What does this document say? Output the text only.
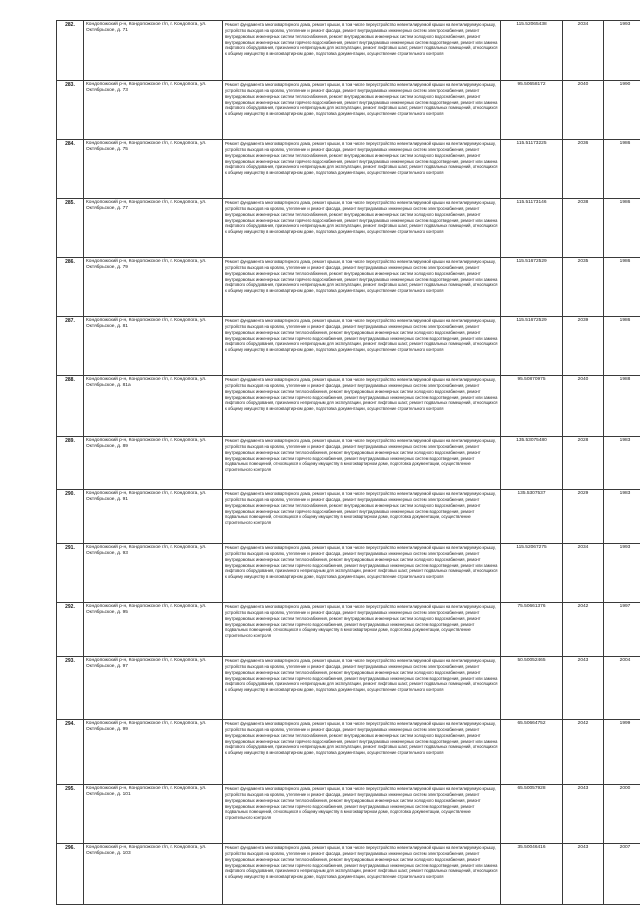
282.	Кондопожский р-н, Кондопожское г/п, г. Кондопога, ул. Октябрьское, д. 71	Ремонт фундамента многоквартирного дома, ремонт крыши, в том числе переустройство невентилируемой крыши на вентилируемую крышу, устройство выходов на кровлю, утепление и ремонт фасада, ремонт внутридомовых инженерных систем электроснабжения, ремонт внутридомовых инженерных систем теплоснабжения, ремонт внутридомовых инженерных систем холодного водоснабжения, ремонт внутридомовых инженерных систем горячего водоснабжения, ремонт внутридомовых инженерных систем водоотведения, ремонт или замена лифтового оборудования, признанного непригодным для эксплуатации, ремонт лифтовых шахт, ремонт подвальных помещений, относящихся к общему имуществу в многоквартирном доме, подготовка документации, осуществление строительного контроля	115.52065438	2034	1993
283.	Кондопожский р-н, Кондопожское г/п, г. Кондопога, ул. Октябрьское, д. 73	Ремонт фундамента многоквартирного дома, ремонт крыши, в том числе переустройство невентилируемой крыши на вентилируемую крышу, устройство выходов на кровлю, утепление и ремонт фасада, ремонт внутридомовых инженерных систем электроснабжения, ремонт внутридомовых инженерных систем теплоснабжения, ремонт внутридомовых инженерных систем холодного водоснабжения, ремонт внутридомовых инженерных систем горячего водоснабжения, ремонт внутридомовых инженерных систем водоотведения, ремонт или замена лифтового оборудования, признанного непригодным для эксплуатации, ремонт лифтовых шахт, ремонт подвальных помещений, относящихся к общему имуществу в многоквартирном доме, подготовка документации, осуществление строительного контроля	95.50658172	2040	1990
284.	Кондопожский р-н, Кондопожское г/п, г. Кондопога, ул. Октябрьское, д. 75	Ремонт фундамента многоквартирного дома, ремонт крыши, в том числе переустройство невентилируемой крыши на вентилируемую крышу, устройство выходов на кровлю, утепление и ремонт фасада, ремонт внутридомовых инженерных систем электроснабжения, ремонт внутридомовых инженерных систем теплоснабжения, ремонт внутридомовых инженерных систем холодного водоснабжения, ремонт внутридомовых инженерных систем горячего водоснабжения, ремонт внутридомовых инженерных систем водоотведения, ремонт или замена лифтового оборудования, признанного непригодным для эксплуатации, ремонт лифтовых шахт, ремонт подвальных помещений, относящихся к общему имуществу в многоквартирном доме, подготовка документации, осуществление строительного контроля	115.51173225	2036	1986
285.	Кондопожский р-н, Кондопожское г/п, г. Кондопога, ул. Октябрьское, д. 77	Ремонт фундамента многоквартирного дома, ремонт крыши, в том числе переустройство невентилируемой крыши на вентилируемую крышу, устройство выходов на кровлю, утепление и ремонт фасада, ремонт внутридомовых инженерных систем электроснабжения, ремонт внутридомовых инженерных систем теплоснабжения, ремонт внутридомовых инженерных систем холодного водоснабжения, ремонт внутридомовых инженерных систем горячего водоснабжения, ремонт внутридомовых инженерных систем водоотведения, ремонт или замена лифтового оборудования, признанного непригодным для эксплуатации, ремонт лифтовых шахт, ремонт подвальных помещений, относящихся к общему имуществу в многоквартирном доме, подготовка документации, осуществление строительного контроля	115.51173146	2038	1986
286.	Кондопожский р-н, Кондопожское г/п, г. Кондопога, ул. Октябрьское, д. 79	Ремонт фундамента многоквартирного дома, ремонт крыши, в том числе переустройство невентилируемой крыши на вентилируемую крышу, устройство выходов на кровлю, утепление и ремонт фасада, ремонт внутридомовых инженерных систем электроснабжения, ремонт внутридомовых инженерных систем теплоснабжения, ремонт внутридомовых инженерных систем холодного водоснабжения, ремонт внутридомовых инженерных систем горячего водоснабжения, ремонт внутридомовых инженерных систем водоотведения, ремонт или замена лифтового оборудования, признанного непригодным для эксплуатации, ремонт лифтовых шахт, ремонт подвальных помещений, относящихся к общему имуществу в многоквартирном доме, подготовка документации, осуществление строительного контроля	115.51672529	2035	1986
287.	Кондопожский р-н, Кондопожское г/п, г. Кондопога, ул. Октябрьское, д. 81	Ремонт фундамента многоквартирного дома, ремонт крыши, в том числе переустройство невентилируемой крыши на вентилируемую крышу, устройство выходов на кровлю, утепление и ремонт фасада, ремонт внутридомовых инженерных систем электроснабжения, ремонт внутридомовых инженерных систем теплоснабжения, ремонт внутридомовых инженерных систем холодного водоснабжения, ремонт внутридомовых инженерных систем горячего водоснабжения, ремонт внутридомовых инженерных систем водоотведения, ремонт или замена лифтового оборудования, признанного непригодным для эксплуатации, ремонт лифтовых шахт, ремонт подвальных помещений, относящихся к общему имуществу в многоквартирном доме, подготовка документации, осуществление строительного контроля	115.51672529	2039	1986
288.	Кондопожский р-н, Кондопожское г/п, г. Кондопога, ул. Октябрьское, д. 81а	Ремонт фундамента многоквартирного дома, ремонт крыши, в том числе переустройство невентилируемой крыши на вентилируемую крышу, устройство выходов на кровлю, утепление и ремонт фасада, ремонт внутридомовых инженерных систем электроснабжения, ремонт внутридомовых инженерных систем теплоснабжения, ремонт внутридомовых инженерных систем холодного водоснабжения, ремонт внутридомовых инженерных систем горячего водоснабжения, ремонт внутридомовых инженерных систем водоотведения, ремонт или замена лифтового оборудования, признанного непригодным для эксплуатации, ремонт лифтовых шахт, ремонт подвальных помещений, относящихся к общему имуществу в многоквартирном доме, подготовка документации, осуществление строительного контроля	95.50870975	2040	1988
289.	Кондопожский р-н, Кондопожское г/п, г. Кондопога, ул. Октябрьское, д. 89	Ремонт фундамента многоквартирного дома, ремонт крыши, в том числе переустройство невентилируемой крыши на вентилируемую крышу, устройство выходов на кровлю, утепление и ремонт фасада, ремонт внутридомовых инженерных систем электроснабжения, ремонт внутридомовых инженерных систем теплоснабжения, ремонт внутридомовых инженерных систем холодного водоснабжения, ремонт внутридомовых инженерных систем горячего водоснабжения, ремонт внутридомовых инженерных систем водоотведения, ремонт подвальных помещений, относящихся к общему имуществу в многоквартирном доме, подготовка документации, осуществление строительного контроля	135.53075480	2028	1983
290.	Кондопожский р-н, Кондопожское г/п, г. Кондопога, ул. Октябрьское, д. 91	Ремонт фундамента многоквартирного дома, ремонт крыши, в том числе переустройство невентилируемой крыши на вентилируемую крышу, устройство выходов на кровлю, утепление и ремонт фасада, ремонт внутридомовых инженерных систем электроснабжения, ремонт внутридомовых инженерных систем теплоснабжения, ремонт внутридомовых инженерных систем холодного водоснабжения, ремонт внутридомовых инженерных систем горячего водоснабжения, ремонт внутридомовых инженерных систем водоотведения, ремонт подвальных помещений, относящихся к общему имуществу в многоквартирном доме, подготовка документации, осуществление строительного контроля	135.5307537	2029	1983
291.	Кондопожский р-н, Кондопожское г/п, г. Кондопога, ул. Октябрьское, д. 93	Ремонт фундамента многоквартирного дома, ремонт крыши, в том числе переустройство невентилируемой крыши на вентилируемую крышу, устройство выходов на кровлю, утепление и ремонт фасада, ремонт внутридомовых инженерных систем электроснабжения, ремонт внутридомовых инженерных систем теплоснабжения, ремонт внутридомовых инженерных систем холодного водоснабжения, ремонт внутридомовых инженерных систем горячего водоснабжения, ремонт внутридомовых инженерных систем водоотведения, ремонт или замена лифтового оборудования, признанного непригодным для эксплуатации, ремонт лифтовых шахт, ремонт подвальных помещений, относящихся к общему имуществу в многоквартирном доме, подготовка документации, осуществление строительного контроля	115.52067275	2034	1993
292.	Кондопожский р-н, Кондопожское г/п, г. Кондопога, ул. Октябрьское, д. 95	Ремонт фундамента многоквартирного дома, ремонт крыши, в том числе переустройство невентилируемой крыши на вентилируемую крышу, устройство выходов на кровлю, утепление и ремонт фасада, ремонт внутридомовых инженерных систем электроснабжения, ремонт внутридомовых инженерных систем теплоснабжения, ремонт внутридомовых инженерных систем холодного водоснабжения, ремонт внутридомовых инженерных систем горячего водоснабжения, ремонт внутридомовых инженерных систем водоотведения, ремонт подвальных помещений, относящихся к общему имуществу в многоквартирном доме, подготовка документации, осуществление строительного контроля	75.50661376	2042	1997
293.	Кондопожский р-н, Кондопожское г/п, г. Кондопога, ул. Октябрьское, д. 97	Ремонт фундамента многоквартирного дома, ремонт крыши, в том числе переустройство невентилируемой крыши на вентилируемую крышу, устройство выходов на кровлю, утепление и ремонт фасада, ремонт внутридомовых инженерных систем электроснабжения, ремонт внутридомовых инженерных систем теплоснабжения, ремонт внутридомовых инженерных систем холодного водоснабжения, ремонт внутридомовых инженерных систем горячего водоснабжения, ремонт внутридомовых инженерных систем водоотведения, ремонт или замена лифтового оборудования, признанного непригодным для эксплуатации, ремонт лифтовых шахт, ремонт подвальных помещений, относящихся к общему имуществу в многоквартирном доме, подготовка документации, осуществление строительного контроля	50.50052465	2043	2004
294.	Кондопожский р-н, Кондопожское г/п, г. Кондопога, ул. Октябрьское, д. 99	Ремонт фундамента многоквартирного дома, ремонт крыши, в том числе переустройство невентилируемой крыши на вентилируемую крышу, устройство выходов на кровлю, утепление и ремонт фасада, ремонт внутридомовых инженерных систем электроснабжения, ремонт внутридомовых инженерных систем теплоснабжения, ремонт внутридомовых инженерных систем холодного водоснабжения, ремонт внутридомовых инженерных систем горячего водоснабжения, ремонт внутридомовых инженерных систем водоотведения, ремонт или замена лифтового оборудования, признанного непригодным для эксплуатации, ремонт лифтовых шахт, ремонт подвальных помещений, относящихся к общему имуществу в многоквартирном доме, подготовка документации, осуществление строительного контроля	65.50664752	2042	1999
295.	Кондопожский р-н, Кондопожское г/п, г. Кондопога, ул. Октябрьское, д. 101	Ремонт фундамента многоквартирного дома, ремонт крыши, в том числе переустройство невентилируемой крыши на вентилируемую крышу, устройство выходов на кровлю, утепление и ремонт фасада, ремонт внутридомовых инженерных систем электроснабжения, ремонт внутридомовых инженерных систем теплоснабжения, ремонт внутридомовых инженерных систем холодного водоснабжения, ремонт внутридомовых инженерных систем горячего водоснабжения, ремонт внутридомовых инженерных систем водоотведения, ремонт подвальных помещений, относящихся к общему имуществу в многоквартирном доме, подготовка документации, осуществление строительного контроля	65.50057928	2043	2000
296.	Кондопожский р-н, Кондопожское г/п, г. Кондопога, ул. Октябрьское, д. 103	Ремонт фундамента многоквартирного дома, ремонт крыши, в том числе переустройство невентилируемой крыши на вентилируемую крышу, устройство выходов на кровлю, утепление и ремонт фасада, ремонт внутридомовых инженерных систем электроснабжения, ремонт внутридомовых инженерных систем теплоснабжения, ремонт внутридомовых инженерных систем холодного водоснабжения, ремонт внутридомовых инженерных систем горячего водоснабжения, ремонт внутридомовых инженерных систем водоотведения, ремонт или замена лифтового оборудования, признанного непригодным для эксплуатации, ремонт лифтовых шахт, ремонт подвальных помещений, относящихся к общему имуществу в многоквартирном доме, подготовка документации, осуществление строительного контроля	35.50046416	2043	2007
